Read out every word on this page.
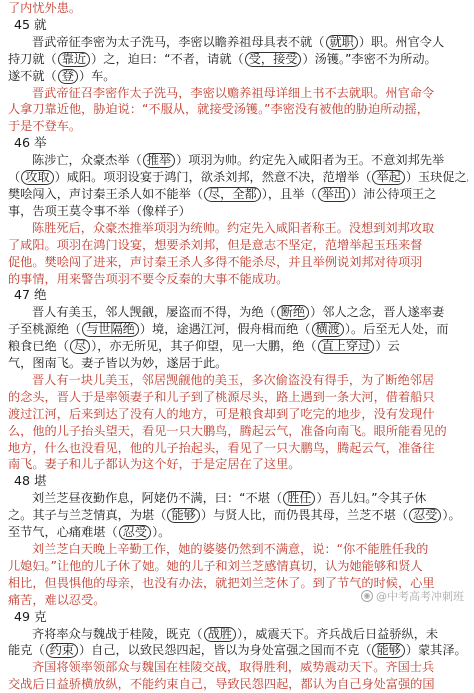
了内忧外患。
45 就
晋武帝征李密为太子洗马，李密以瞻养祖母具表不就（ 就职 ）职。州官令人
持刀就（ 靠近 ）之，迫曰：“不者，请就（ 受，接受 ）汤镬。”李密不为所动。
遂不就（ 登 ）车。
晋武帝征召李密作太子洗马，李密以赡养祖母详细上书不去就职。州官命令
人拿刀靠近他，胁迫说：“不服从，就接受汤镬。”李密没有被他的胁迫所动摇，
于是不登车。
46 举
陈涉亡，众豪杰举（ 推举 ）项羽为帅。约定先入咸阳者为王。不意刘邦先举
（ 攻取 ）咸阳。项羽设宴于鸿门，欲杀刘邦，然意不决，范增举（ 举起 ）玉玦促之
樊哙闯入，声讨秦王杀人如不能举（ 尽，全都 ），且举（ 举出 ）沛公待项王之
事，告项王莫令事不举（像样子）
陈胜死后，众豪杰推举项羽为统帅。约定先入咸阳者称王。没想到刘邦攻取
了咸阳。项羽在鸿门设宴，想要杀刘邦，但是意志不坚定，范增举起玉珏来督
促他。樊哙闯了进来，声讨秦王杀人多得不能杀尽，并且举例说刘邦对待项羽
的事情，用来警告项羽不要令反秦的大事不能成功。
47 绝
晋人有美玉，邻人觊觎，屡盗而不得，为绝（ 断绝 ）邻人之念，晋人遂率妻
子至桃源绝（ 与世隔绝 ）境，途遇江河，假舟楫而绝（ 横渡 ）。后至无人处，而
粮食已绝（ 尽 ），亦无所见，其子仰望，见一大鹏，绝（ 直上穿过 ）云
气，图南飞。妻子皆以为妙，遂居于此。
晋人有一块儿美玉，邻居觊觎他的美玉，多次偷盗没有得手，为了断绝邻居
的念头，晋人于是率领妻子和儿子到了桃源尽头，路上遇到一条大河，借着船只
渡过江河，后来到达了没有人的地方，可是粮食却到了吃完的地步，没有发现什
么，他的儿子抬头望天，看见一只大鹏鸟，腾起云气，准备向南飞。眼所能看见的
地方，什么也没看见，他的儿子抬起头，看见了一只大鹏鸟，腾起云气，准备往
南飞。妻子和儿子都认为这个好，于是定居在了这里。
48 堪
刘兰芝昼夜勤作息，阿姥仍不满，曰：“不堪（ 胜任 ）吾儿妇。”令其子休
之。其子与兰芝情真，为堪（ 能够 ）与贤人比，而仍畏其母，兰芝不堪（ 忍受 ）。
至节气，心痛难堪（ 忍受 ）。
刘兰芝白天晚上辛勤工作，她的婆婆仍然到不满意，说：“你不能胜任我的
儿媳妇。”让他的儿子休了她。她的儿子和刘兰芝感情真切，认为她能够和贤人
相比，但畏惧他的母亲，也没有办法，就把刘兰芝休了。到了节气的时候，心里
痛苦，难以忍受。
49 克
齐将率众与魏战于桂陵，既克（ 战胜 ），威震天下。齐兵战后日益骄纵，未
能克（ 约束 ）自己，以致民怨四起，皆以为身处富强之国而不克（ 能够 ）蒙其泽。
齐国将领率领部众与魏国在桂陵交战，取得胜利，威势震动天下。齐国士兵
交战后日益骄横放纵，不能约束自己，导致民怨四起，都认为自己身处富强的国
◉ @中考高考冲刺班
